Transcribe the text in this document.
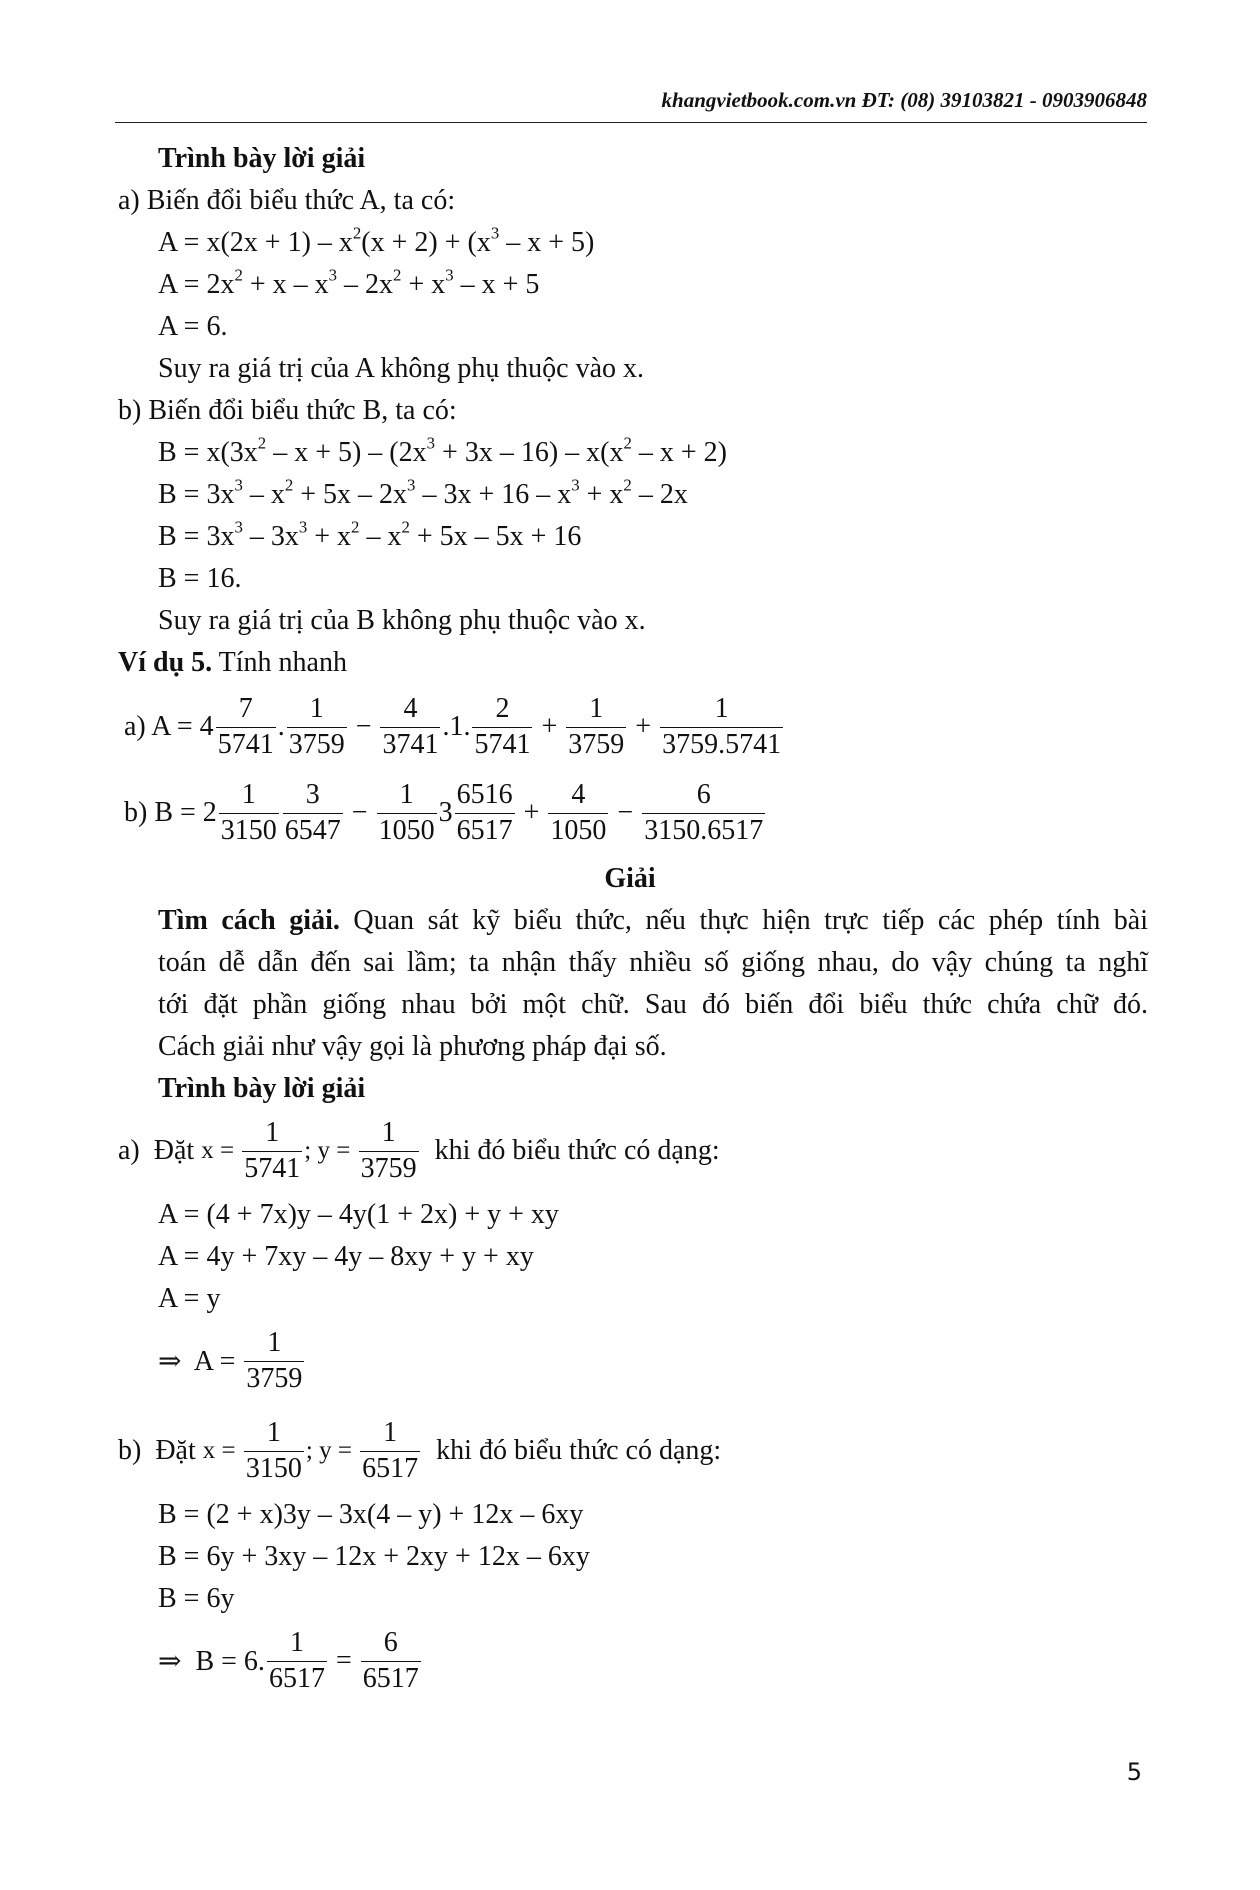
khangvietbook.com.vn ĐT: (08) 39103821 - 0903906848
Trình bày lời giải
a) Biến đổi biểu thức A, ta có:
$A = x(2x + 1) - x^2(x + 2) + (x^3 - x + 5)$
$A = 2x^2 + x - x^3 - 2x^2 + x^3 - x + 5$
A = 6.
Suy ra giá trị của A không phụ thuộc vào x.
b) Biến đổi biểu thức B, ta có:
$B = x(3x^2 - x + 5) - (2x^3 + 3x - 16) - x(x^2 - x + 2)$
$B = 3x^3 - x^2 + 5x - 2x^3 - 3x + 16 - x^3 + x^2 - 2x$
$B = 3x^3 - 3x^3 + x^2 - x^2 + 5x - 5x + 16$
B = 16.
Suy ra giá trị của B không phụ thuộc vào x.
Ví dụ 5. Tính nhanh
a) $A = 4 \frac{7}{5741}$ . $\frac{1}{3759} - \frac{4}{3741} .1$. $\frac{2}{5741} + \frac{1}{3759} + \frac{1}{3759.5741}$
b) $B = 2 \frac{1}{3150} \frac{3}{6547} - \frac{1}{1050} 3 \frac{6516}{6517} + \frac{4}{1050} - \frac{6}{3150.6517}$
Giải
Tìm cách giải. Quan sát kỹ biểu thức, nếu thực hiện trực tiếp các phép tính bài
toán dễ dẫn đến sai lầm; ta nhận thấy nhiều số giống nhau, do vậy chúng ta nghĩ
tới đặt phần giống nhau bởi một chữ. Sau đó biến đổi biểu thức chứa chữ đó.
Cách giải như vậy gọi là phương pháp đại số.
Trình bày lời giải
a)  Đặt $x = \frac{1}{5741}$ ; $y = \frac{1}{3759}$ khi đó biểu thức có dạng:
A = (4 + 7x)y – 4y(1 + 2x) + y + xy
A = 4y + 7xy – 4y – 8xy + y + xy
A = y
⇒  $A = \frac{1}{3759}$
b)  Đặt $x = \frac{1}{3150}$ ; $y = \frac{1}{6517}$ khi đó biểu thức có dạng:
B = (2 + x)3y – 3x(4 – y) + 12x – 6xy
B = 6y + 3xy – 12x + 2xy + 12x – 6xy
B = 6y
⇒  B = 6. $\frac{1}{6517} = \frac{6}{6517}$
5
